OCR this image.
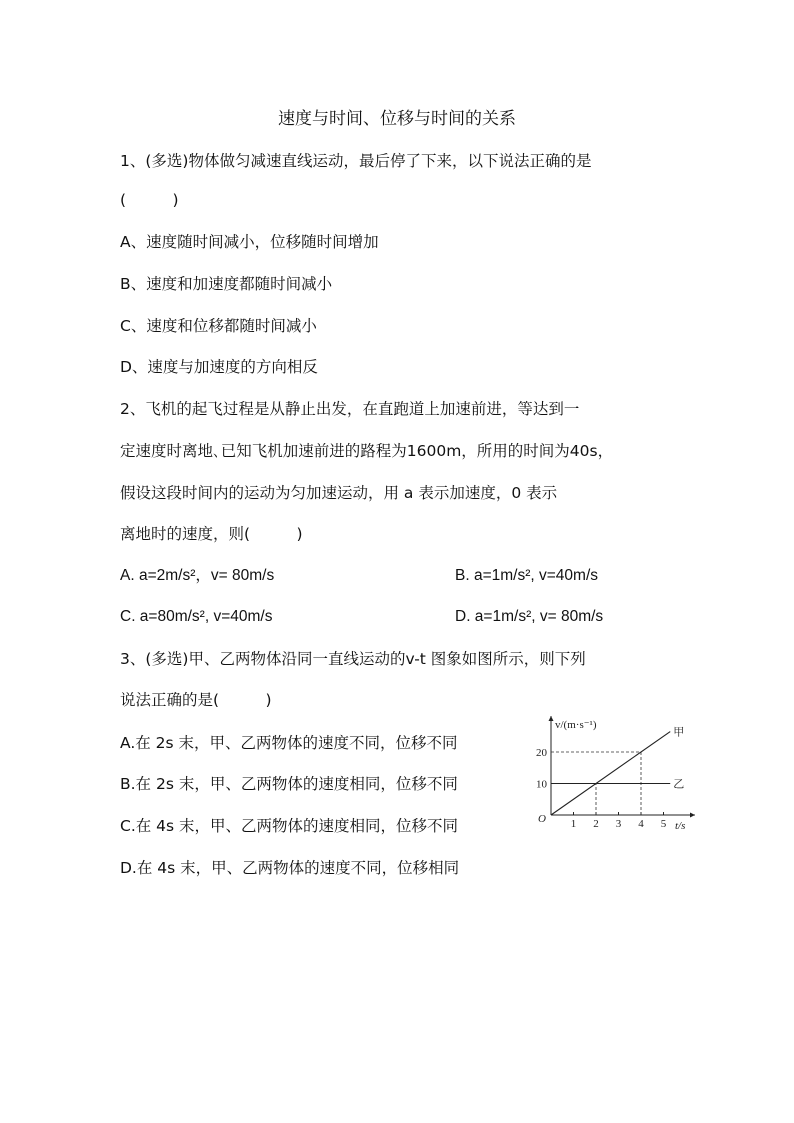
速度与时间、位移与时间的关系
1、(多选)物体做匀减速直线运动，最后停了下来，以下说法正确的是
(　　　)
A、速度随时间减小，位移随时间增加
B、速度和加速度都随时间减小
C、速度和位移都随时间减小
D、速度与加速度的方向相反
2、飞机的起飞过程是从静止出发，在直跑道上加速前进，等达到一
定速度时离地､已知飞机加速前进的路程为1600m，所用的时间为40s，
假设这段时间内的运动为匀加速运动，用 a 表示加速度，0 表示
离地时的速度，则(　　　)
A. a=2m/s²，v= 80m/s	B. a=1m/s², v=40m/s
C. a=80m/s², v=40m/s	D. a=1m/s², v= 80m/s
3、(多选)甲、乙两物体沿同一直线运动的v-t 图象如图所示，则下列
说法正确的是(　　　)
A.在 2s 末，甲、乙两物体的速度不同，位移不同
B.在 2s 末，甲、乙两物体的速度相同，位移不同
C.在 4s 末，甲、乙两物体的速度相同，位移不同
D.在 4s 末，甲、乙两物体的速度不同，位移相同
v/(m·s⁻¹)
t/s
O 1 2 3 4 5
10
20
甲
乙
